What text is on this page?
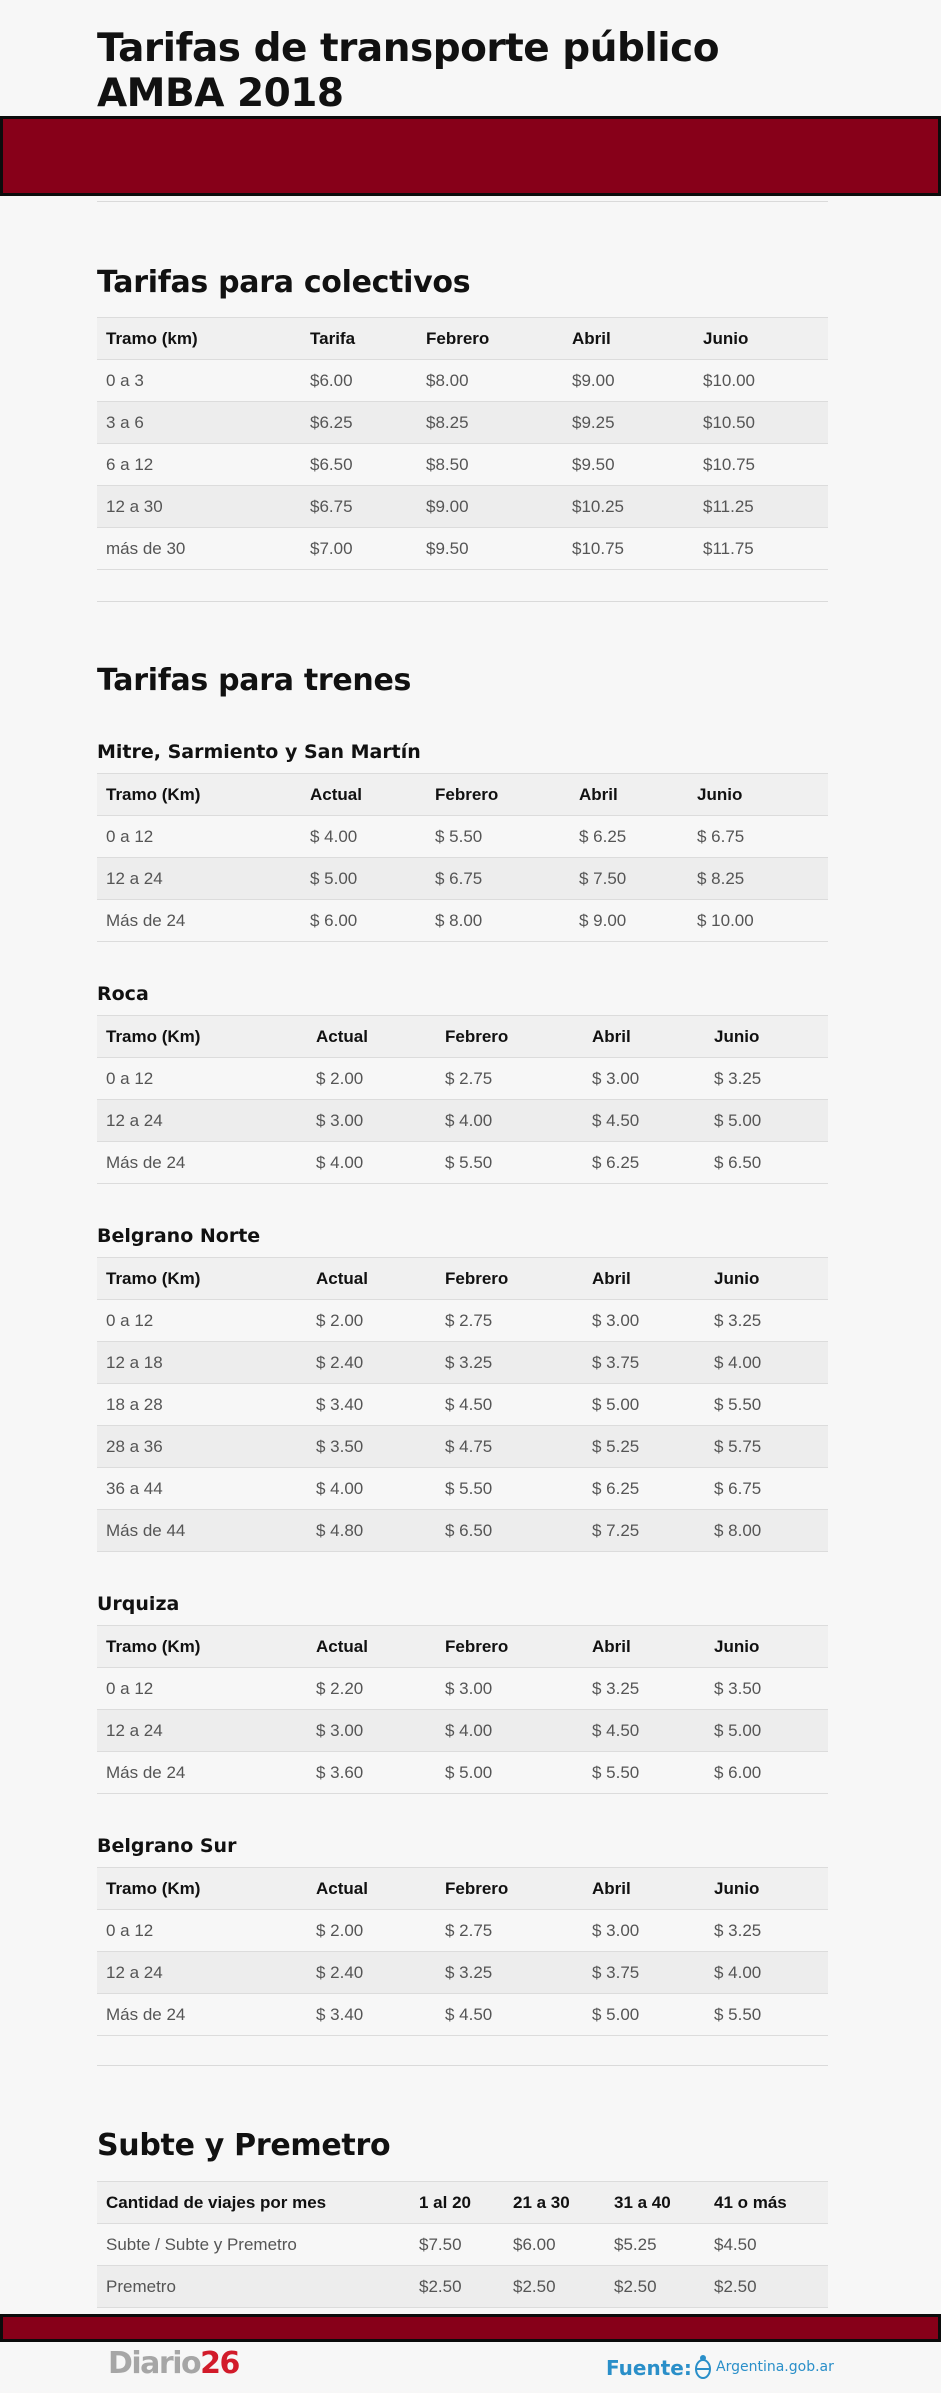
Tarifas de transporte público AMBA 2018
Tarifas para colectivos
Tramo (km)	Tarifa	Febrero	Abril	Junio
0 a 3	$6.00	$8.00	$9.00	$10.00
3 a 6	$6.25	$8.25	$9.25	$10.50
6 a 12	$6.50	$8.50	$9.50	$10.75
12 a 30	$6.75	$9.00	$10.25	$11.25
más de 30	$7.00	$9.50	$10.75	$11.75
Tarifas para trenes
Mitre, Sarmiento y San Martín
Tramo (Km)	Actual	Febrero	Abril	Junio
0 a 12	$ 4.00	$ 5.50	$ 6.25	$ 6.75
12 a 24	$ 5.00	$ 6.75	$ 7.50	$ 8.25
Más de 24	$ 6.00	$ 8.00	$ 9.00	$ 10.00
Roca
Tramo (Km)	Actual	Febrero	Abril	Junio
0 a 12	$ 2.00	$ 2.75	$ 3.00	$ 3.25
12 a 24	$ 3.00	$ 4.00	$ 4.50	$ 5.00
Más de 24	$ 4.00	$ 5.50	$ 6.25	$ 6.50
Belgrano Norte
Tramo (Km)	Actual	Febrero	Abril	Junio
0 a 12	$ 2.00	$ 2.75	$ 3.00	$ 3.25
12 a 18	$ 2.40	$ 3.25	$ 3.75	$ 4.00
18 a 28	$ 3.40	$ 4.50	$ 5.00	$ 5.50
28 a 36	$ 3.50	$ 4.75	$ 5.25	$ 5.75
36 a 44	$ 4.00	$ 5.50	$ 6.25	$ 6.75
Más de 44	$ 4.80	$ 6.50	$ 7.25	$ 8.00
Urquiza
Tramo (Km)	Actual	Febrero	Abril	Junio
0 a 12	$ 2.20	$ 3.00	$ 3.25	$ 3.50
12 a 24	$ 3.00	$ 4.00	$ 4.50	$ 5.00
Más de 24	$ 3.60	$ 5.00	$ 5.50	$ 6.00
Belgrano Sur
Tramo (Km)	Actual	Febrero	Abril	Junio
0 a 12	$ 2.00	$ 2.75	$ 3.00	$ 3.25
12 a 24	$ 2.40	$ 3.25	$ 3.75	$ 4.00
Más de 24	$ 3.40	$ 4.50	$ 5.00	$ 5.50
Subte y Premetro
Cantidad de viajes por mes	1 al 20	21 a 30	31 a 40	41 o más
Subte / Subte y Premetro	$7.50	$6.00	$5.25	$4.50
Premetro	$2.50	$2.50	$2.50	$2.50
Diario26	Fuente: Argentina.gob.ar
